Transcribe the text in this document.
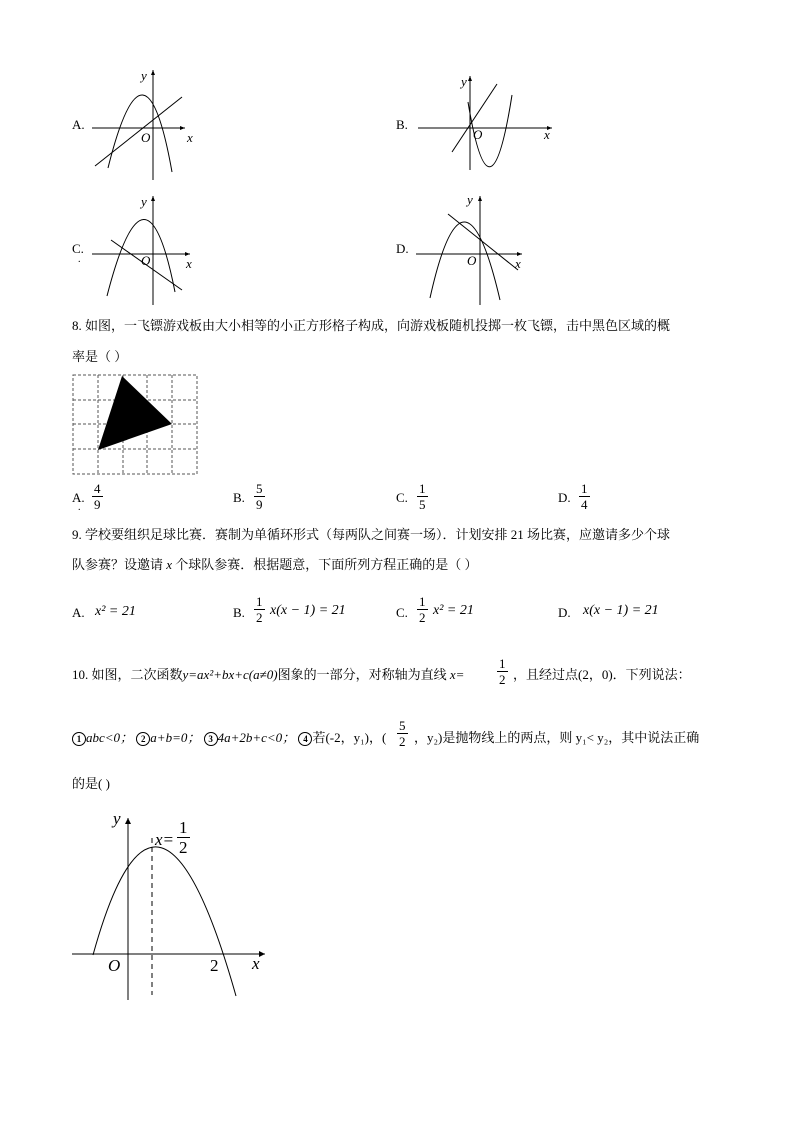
A.
y
x
O
B.
y
x
O
C.
.
y
x
O
D.
y
x
O
8. 如图，一飞镖游戏板由大小相等的小正方形格子构成，向游戏板随机投掷一枚飞镖，击中黑色区域的概
率是（ ）
A.
. $\frac{4}{9}$	B. $\frac{5}{9}$	C. $\frac{1}{5}$	D. $\frac{1}{4}$
9. 学校要组织足球比赛．赛制为单循环形式（每两队之间赛一场）．计划安排 21 场比赛，应邀请多少个球
队参赛？设邀请 x 个球队参赛．根据题意，下面所列方程正确的是（ ）
A. x² = 21	B. $\frac{1}{2} x(x - 1) = 21$	C. $\frac{1}{2} x^2 = 21$	D. x(x − 1) = 21
10. 如图，二次函数y=ax²+bx+c(a≠0)图象的一部分，对称轴为直线 x=	$\frac{1}{2}$ ，且经过点(2，0)．下列说法：
1 abc<0； 2 a+b=0； 3 4a+2b+c<0； 4 若(-2，y₁)，( $\frac{5}{2}$ ，y₂)是抛物线上的两点，则 y₁< y₂，其中说法正确
的是( )
y
x
O	2
$x= \frac{1}{2}$
